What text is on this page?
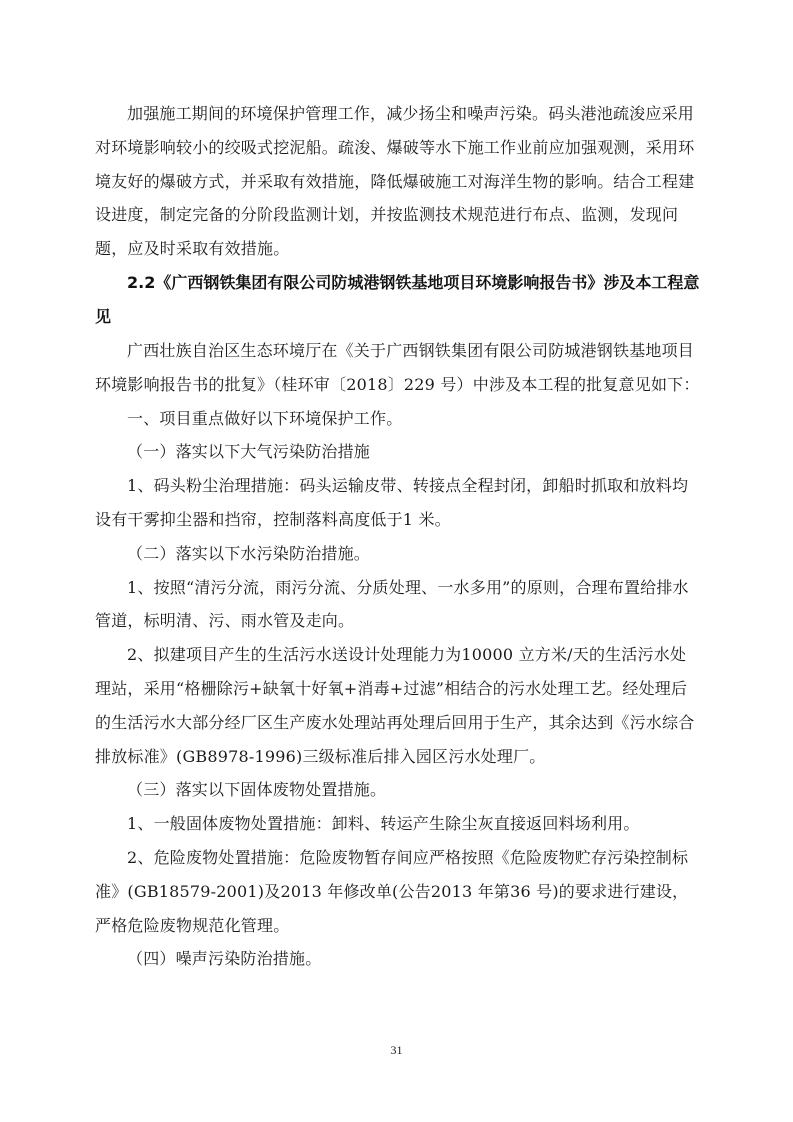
加强施工期间的环境保护管理工作，减少扬尘和噪声污染。码头港池疏浚应采用对环境影响较小的绞吸式挖泥船。疏浚、爆破等水下施工作业前应加强观测，采用环境友好的爆破方式，并采取有效措施，降低爆破施工对海洋生物的影响。结合工程建设进度，制定完备的分阶段监测计划，并按监测技术规范进行布点、监测，发现问题，应及时采取有效措施。

2.2《广西钢铁集团有限公司防城港钢铁基地项目环境影响报告书》涉及本工程意见

广西壮族自治区生态环境厅在《关于广西钢铁集团有限公司防城港钢铁基地项目环境影响报告书的批复》（桂环审〔2018〕229 号）中涉及本工程的批复意见如下：

一、项目重点做好以下环境保护工作。

（一）落实以下大气污染防治措施

1、码头粉尘治理措施：码头运输皮带、转接点全程封闭，卸船时抓取和放料均设有干雾抑尘器和挡帘，控制落料高度低于1 米。

（二）落实以下水污染防治措施。

1、按照“清污分流，雨污分流、分质处理、一水多用”的原则，合理布置给排水管道，标明清、污、雨水管及走向。

2、拟建项目产生的生活污水送设计处理能力为10000 立方米/天的生活污水处理站，采用“格栅除污+缺氧十好氧+消毒+过滤”相结合的污水处理工艺。经处理后的生活污水大部分经厂区生产废水处理站再处理后回用于生产，其余达到《污水综合排放标准》(GB8978-1996)三级标准后排入园区污水处理厂。

（三）落实以下固体废物处置措施。

1、一般固体废物处置措施：卸料、转运产生除尘灰直接返回料场利用。

2、危险废物处置措施：危险废物暂存间应严格按照《危险废物贮存污染控制标准》(GB18579-2001)及2013 年修改单(公告2013 年第36 号)的要求进行建设，严格危险废物规范化管理。

（四）噪声污染防治措施。

31
